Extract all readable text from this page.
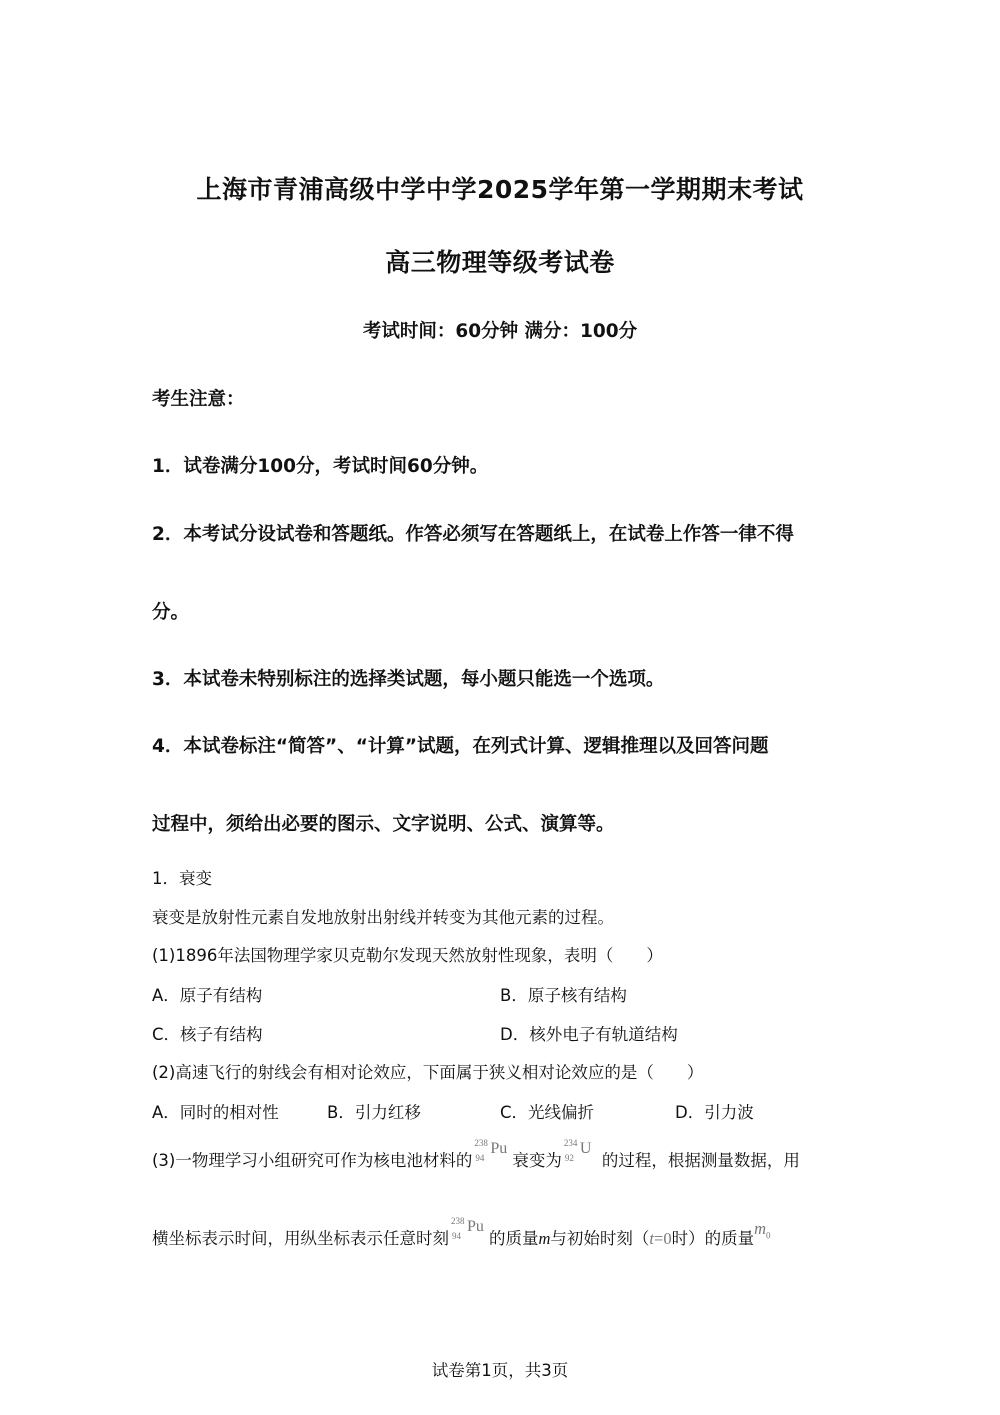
上海市青浦高级中学中学2025学年第一学期期末考试
高三物理等级考试卷
考试时间：60分钟 满分：100分
考生注意：
1．试卷满分100分，考试时间60分钟。
2．本考试分设试卷和答题纸。作答必须写在答题纸上，在试卷上作答一律不得
分。
3．本试卷未特别标注的选择类试题，每小题只能选一个选项。
4．本试卷标注“简答”、“计算”试题，在列式计算、逻辑推理以及回答问题
过程中，须给出必要的图示、文字说明、公式、演算等。
1．衰变
衰变是放射性元素自发地放射出射线并转变为其他元素的过程。
(1)1896年法国物理学家贝克勒尔发现天然放射性现象，表明（　　）
A．原子有结构	B．原子核有结构
C．核子有结构	D．核外电子有轨道结构
(2)高速飞行的射线会有相对论效应，下面属于狭义相对论效应的是（　　）
A．同时的相对性	B．引力红移	C．光线偏折	D．引力波
(3)一物理学习小组研究可作为核电池材料的
238
94
Pu
衰变为
234
92
U
的过程，根据测量数据，用
横坐标表示时间，用纵坐标表示任意时刻
238
94
Pu
的质量m与初始时刻（t=0时）的质量$m_0$
试卷第1页，共3页
